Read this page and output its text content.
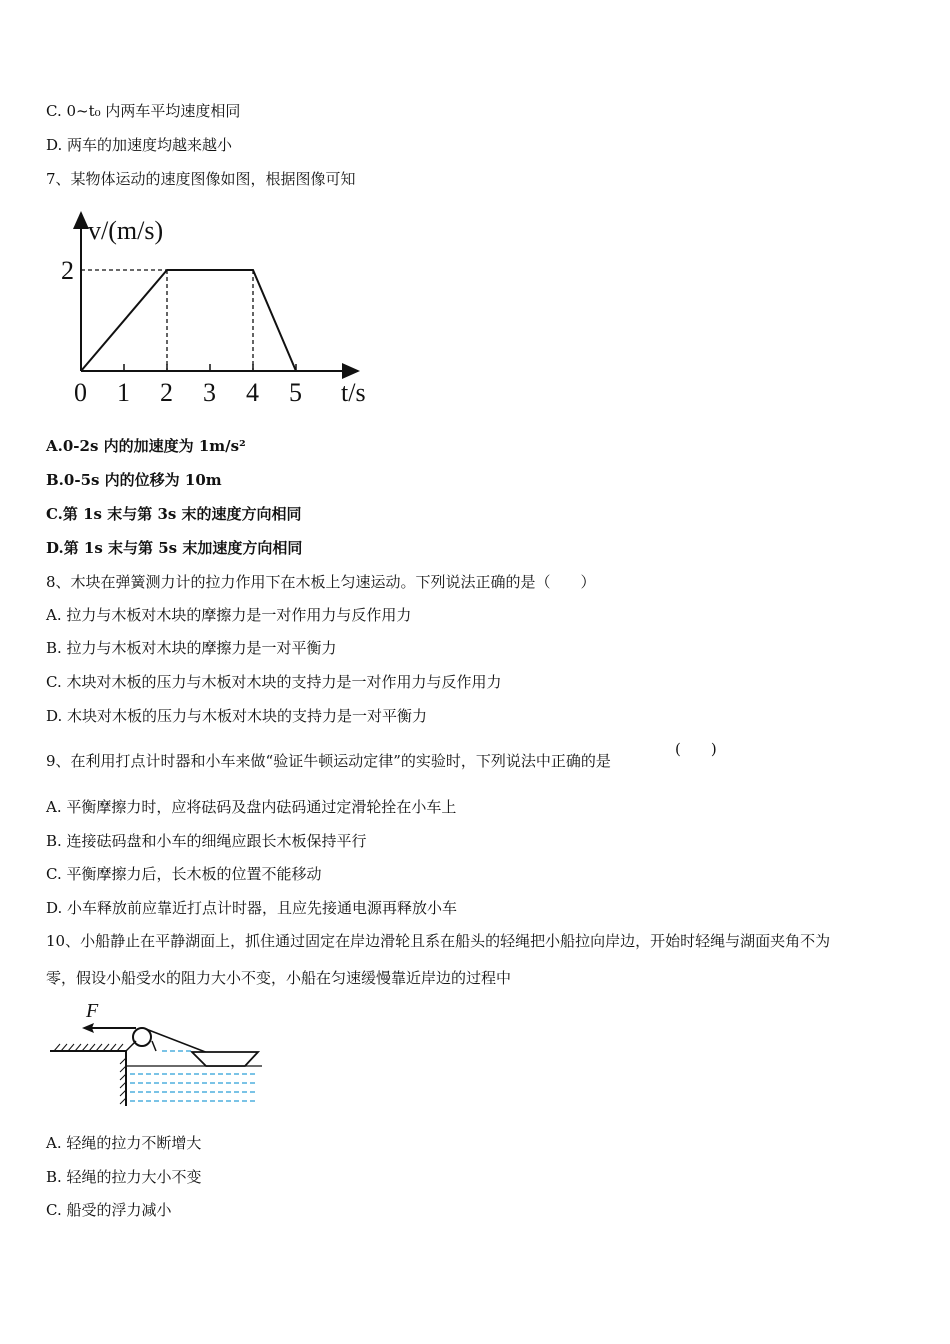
C. 0~t₀ 内两车平均速度相同
D. 两车的加速度均越来越小
7、某物体运动的速度图像如图，根据图像可知
0 1 2 3 4 5
2
v/(m/s)
t/s
A.0-2s 内的加速度为 1m/s²
B.0-5s 内的位移为 10m
C.第 1s 末与第 3s 末的速度方向相同
D.第 1s 末与第 5s 末加速度方向相同
8、木块在弹簧测力计的拉力作用下在木板上匀速运动。下列说法正确的是（　　）
A. 拉力与木板对木块的摩擦力是一对作用力与反作用力
B. 拉力与木板对木块的摩擦力是一对平衡力
C. 木块对木板的压力与木板对木块的支持力是一对作用力与反作用力
D. 木块对木板的压力与木板对木块的支持力是一对平衡力
9、在利用打点计时器和小车来做“验证牛顿运动定律”的实验时，下列说法中正确的是
(　　)
A. 平衡摩擦力时，应将砝码及盘内砝码通过定滑轮拴在小车上
B. 连接砝码盘和小车的细绳应跟长木板保持平行
C. 平衡摩擦力后，长木板的位置不能移动
D. 小车释放前应靠近打点计时器，且应先接通电源再释放小车
10、小船静止在平静湖面上，抓住通过固定在岸边滑轮且系在船头的轻绳把小船拉向岸边，开始时轻绳与湖面夹角不为
零，假设小船受水的阻力大小不变，小船在匀速缓慢靠近岸边的过程中
F
A. 轻绳的拉力不断增大
B. 轻绳的拉力大小不变
C. 船受的浮力减小
